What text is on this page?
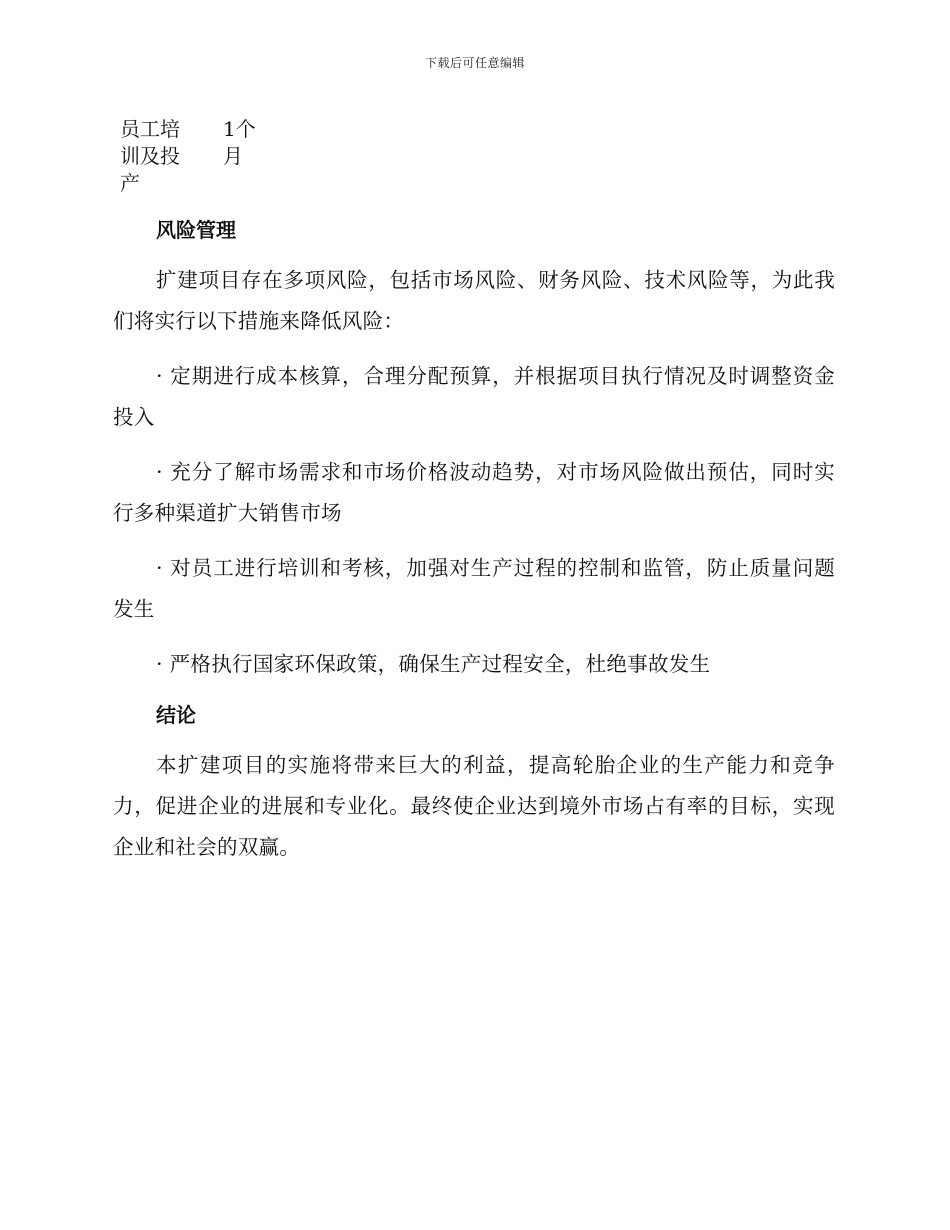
下载后可任意编辑
员工培训及投产
1个月
风险管理

扩建项目存在多项风险，包括市场风险、财务风险、技术风险等，为此我们将实行以下措施来降低风险：

· 定期进行成本核算，合理分配预算，并根据项目执行情况及时调整资金投入

· 充分了解市场需求和市场价格波动趋势，对市场风险做出预估，同时实行多种渠道扩大销售市场

· 对员工进行培训和考核，加强对生产过程的控制和监管，防止质量问题发生

· 严格执行国家环保政策，确保生产过程安全，杜绝事故发生

结论

本扩建项目的实施将带来巨大的利益，提高轮胎企业的生产能力和竞争力，促进企业的进展和专业化。最终使企业达到境外市场占有率的目标，实现企业和社会的双赢。
